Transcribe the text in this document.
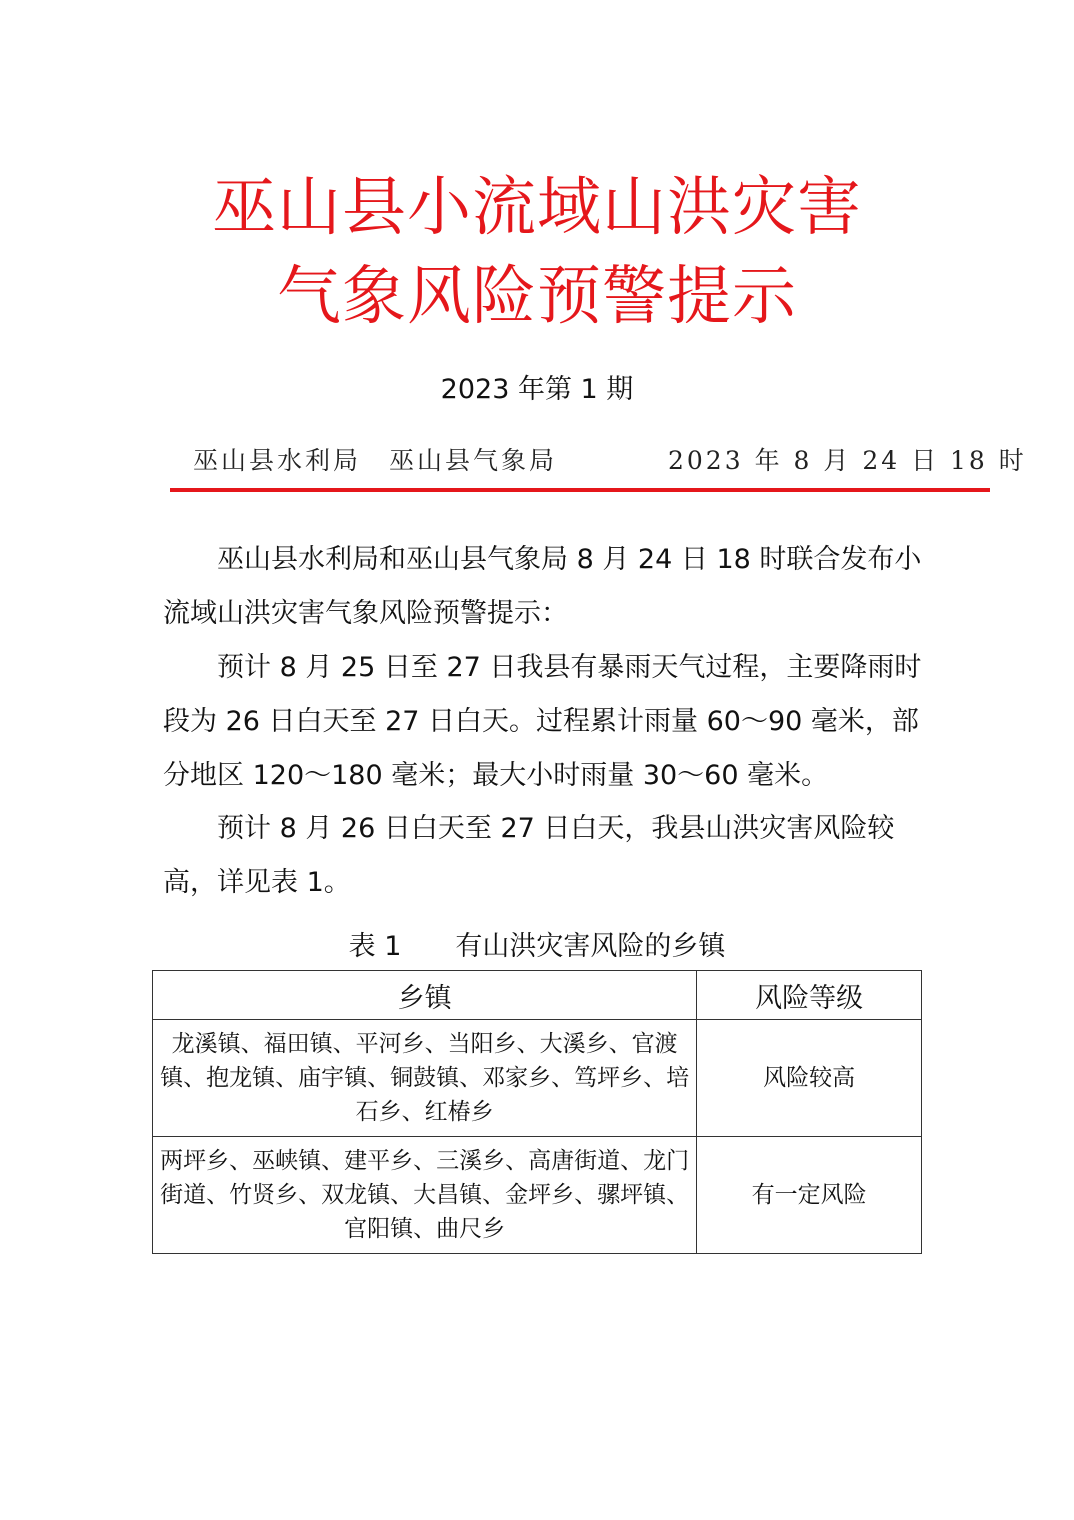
巫山县小流域山洪灾害
气象风险预警提示
2023 年第 1 期
巫山县水利局　巫山县气象局	2023 年 8 月 24 日 18 时

巫山县水利局和巫山县气象局 8 月 24 日 18 时联合发布小流域山洪灾害气象风险预警提示：

预计 8 月 25 日至 27 日我县有暴雨天气过程，主要降雨时段为 26 日白天至 27 日白天。过程累计雨量 60～90 毫米，部分地区 120～180 毫米；最大小时雨量 30～60 毫米。

预计 8 月 26 日白天至 27 日白天，我县山洪灾害风险较高，详见表 1。

表 1　　有山洪灾害风险的乡镇
乡镇	风险等级
龙溪镇、福田镇、平河乡、当阳乡、大溪乡、官渡镇、抱龙镇、庙宇镇、铜鼓镇、邓家乡、笃坪乡、培石乡、红椿乡	风险较高
两坪乡、巫峡镇、建平乡、三溪乡、高唐街道、龙门街道、竹贤乡、双龙镇、大昌镇、金坪乡、骡坪镇、官阳镇、曲尺乡	有一定风险
